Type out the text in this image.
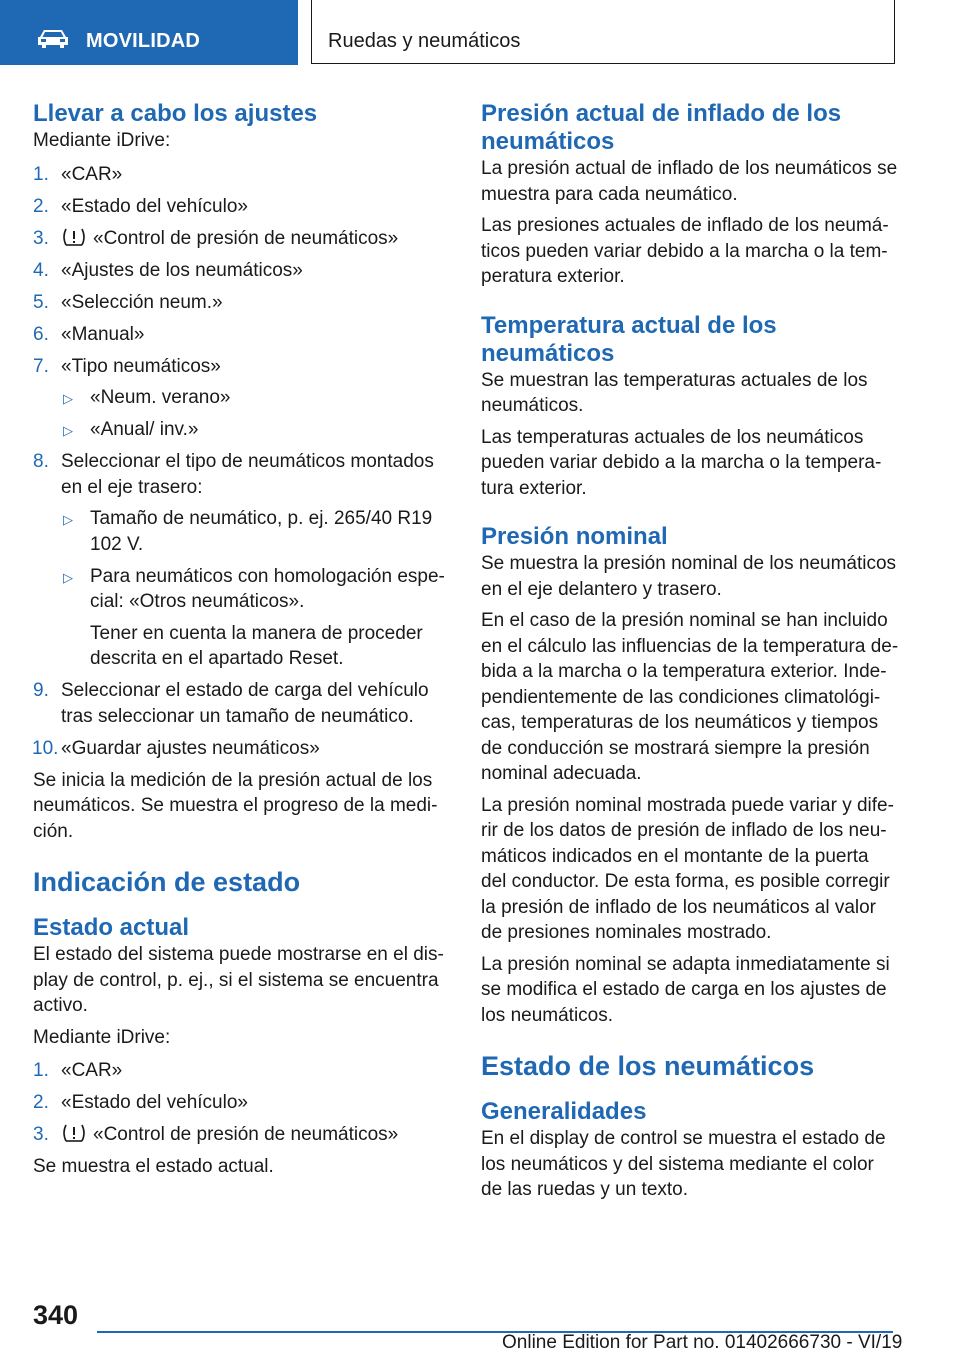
MOVILIDAD	Ruedas y neumáticos
Llevar a cabo los ajustes

Mediante iDrive:

1. «CAR»
2. «Estado del vehículo»
3. «Control de presión de neumáticos»
4. «Ajustes de los neumáticos»
5. «Selección neum.»
6. «Manual»
7. «Tipo neumáticos»
▷ «Neum. verano»
▷ «Anual/ inv.»
8. Seleccionar el tipo de neumáticos montados en el eje trasero:
▷ Tamaño de neumático, p. ej. 265/40 R19 102 V.
▷ Para neumáticos con homologación espe‐cial: «Otros neumáticos».

Tener en cuenta la manera de proceder descrita en el apartado Reset.

9. Seleccionar el estado de carga del vehículo tras seleccionar un tamaño de neumático.
10. «Guardar ajustes neumáticos»

Se inicia la medición de la presión actual de los neumáticos. Se muestra el progreso de la medi‐ción.

Indicación de estado
Estado actual

El estado del sistema puede mostrarse en el dis‐play de control, p. ej., si el sistema se encuentra activo.

Mediante iDrive:

1. «CAR»
2. «Estado del vehículo»
3. «Control de presión de neumáticos»

Se muestra el estado actual.

Presión actual de inflado de los neumáticos

La presión actual de inflado de los neumáticos se muestra para cada neumático.

Las presiones actuales de inflado de los neumá‐ticos pueden variar debido a la marcha o la tem‐peratura exterior.

Temperatura actual de los neumáticos

Se muestran las temperaturas actuales de los neumáticos.

Las temperaturas actuales de los neumáticos pueden variar debido a la marcha o la tempera‐tura exterior.

Presión nominal

Se muestra la presión nominal de los neumáticos en el eje delantero y trasero.

En el caso de la presión nominal se han incluido en el cálculo las influencias de la temperatura de‐bida a la marcha o la temperatura exterior. Inde‐pendientemente de las condiciones climatológi‐cas, temperaturas de los neumáticos y tiempos de conducción se mostrará siempre la presión nominal adecuada.

La presión nominal mostrada puede variar y dife‐rir de los datos de presión de inflado de los neu‐máticos indicados en el montante de la puerta del conductor. De esta forma, es posible corregir la presión de inflado de los neumáticos al valor de presiones nominales mostrado.

La presión nominal se adapta inmediatamente si se modifica el estado de carga en los ajustes de los neumáticos.

Estado de los neumáticos
Generalidades

En el display de control se muestra el estado de los neumáticos y del sistema mediante el color de las ruedas y un texto.

340
Online Edition for Part no. 01402666730 - VI/19
